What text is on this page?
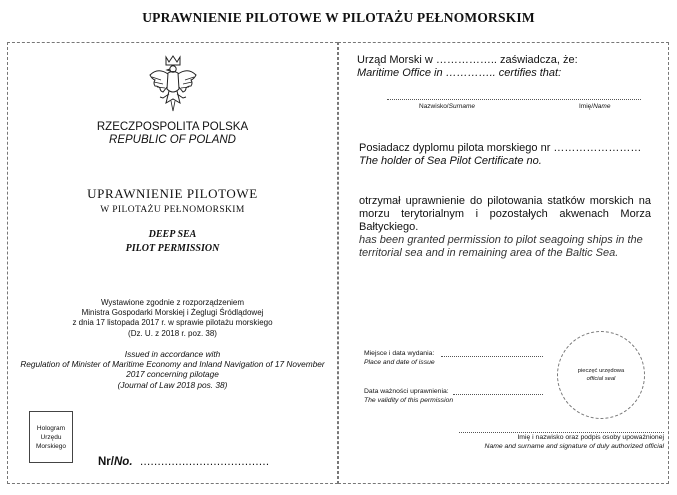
UPRAWNIENIE PILOTOWE W PILOTAŻU PEŁNOMORSKIM
RZECZPOSPOLITA POLSKA
REPUBLIC OF POLAND
UPRAWNIENIE PILOTOWE
W PILOTAŻU PEŁNOMORSKIM
DEEP SEA
PILOT PERMISSION
Wystawione zgodnie z rozporządzeniem
Ministra Gospodarki Morskiej i Żeglugi Śródlądowej
z dnia 17 listopada 2017 r. w sprawie pilotażu morskiego
(Dz. U. z 2018 r. poz. 38)
Issued in accordance with
Regulation of Minister of Maritime Economy and Inland Navigation of 17 November
2017 concerning pilotage
(Journal of Law 2018 pos. 38)
Hologram
Urzędu
Morskiego
Nr/No. .....................................
Urząd Morski w …………….. zaświadcza, że:
Maritime Office in ………….. certifies that:
Nazwisko/Surname	Imię/Name
Posiadacz dyplomu pilota morskiego nr ……………………
The holder of Sea Pilot Certificate no.
otrzymał uprawnienie do pilotowania statków morskich na morzu terytorialnym i pozostałych akwenach Morza Bałtyckiego.
has been granted permission to pilot seagoing ships in the territorial sea and in remaining area of the Baltic Sea.
Miejsce i data wydania:
Place and date of issue
Data ważności uprawnienia:
The validity of this permission
pieczęć urzędowa
official seal
Imię i nazwisko oraz podpis osoby upoważnionej
Name and surname and signature of duly authorized official
